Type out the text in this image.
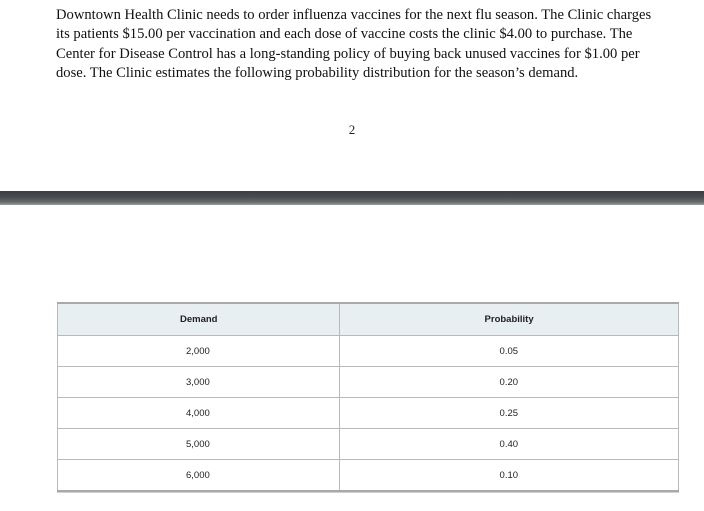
Downtown Health Clinic needs to order influenza vaccines for the next flu season. The Clinic charges its patients $15.00 per vaccination and each dose of vaccine costs the clinic $4.00 to purchase. The Center for Disease Control has a long-standing policy of buying back unused vaccines for $1.00 per dose. The Clinic estimates the following probability distribution for the season’s demand.

2
Demand	Probability
2,000	0.05
3,000	0.20
4,000	0.25
5,000	0.40
6,000	0.10
